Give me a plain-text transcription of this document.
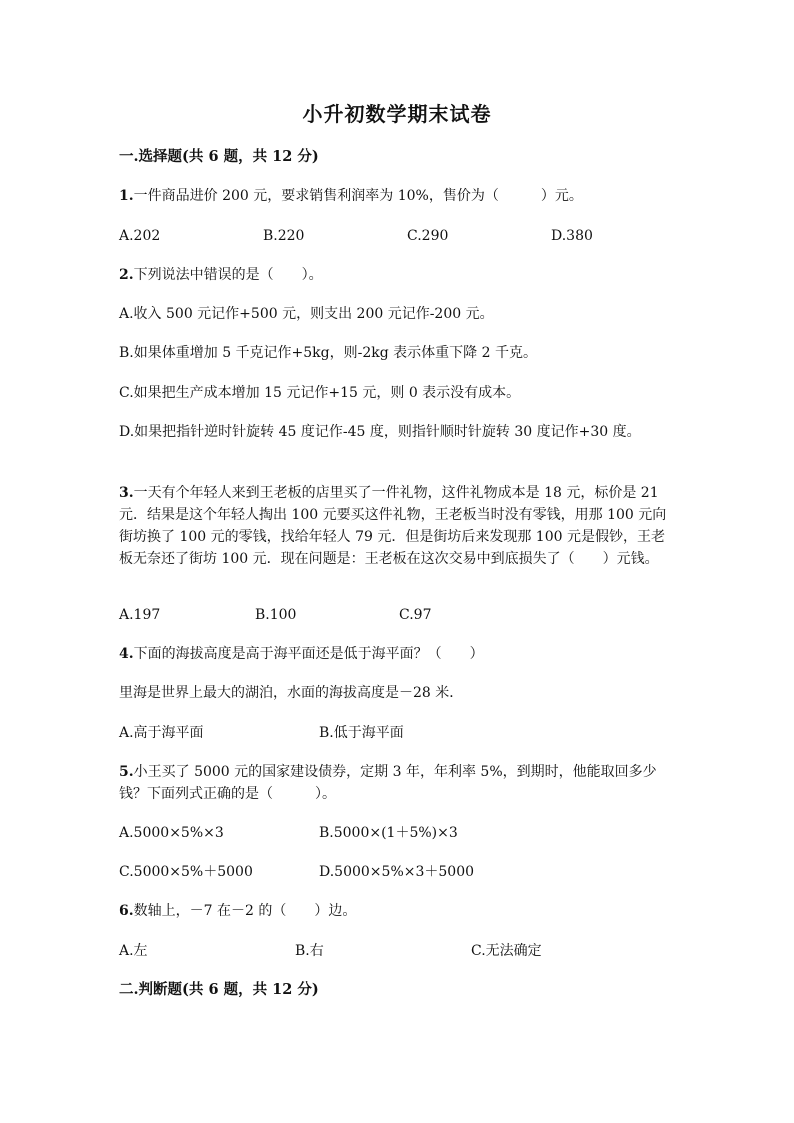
小升初数学期末试卷
一.选择题(共 6 题，共 12 分)
1.一件商品进价 200 元，要求销售利润率为 10%，售价为（　　　）元。
A.202	B.220	C.290	D.380
2.下列说法中错误的是（　　）。
A.收入 500 元记作+500 元，则支出 200 元记作-200 元。
B.如果体重增加 5 千克记作+5kg，则-2kg 表示体重下降 2 千克。
C.如果把生产成本增加 15 元记作+15 元，则 0 表示没有成本。
D.如果把指针逆时针旋转 45 度记作-45 度，则指针顺时针旋转 30 度记作+30 度。
3.一天有个年轻人来到王老板的店里买了一件礼物，这件礼物成本是 18 元，标价是 21 元．结果是这个年轻人掏出 100 元要买这件礼物，王老板当时没有零钱，用那 100 元向街坊换了 100 元的零钱，找给年轻人 79 元．但是街坊后来发现那 100 元是假钞，王老板无奈还了街坊 100 元．现在问题是：王老板在这次交易中到底损失了（　　）元钱。
A.197	B.100	C.97
4.下面的海拔高度是高于海平面还是低于海平面？（　　）
里海是世界上最大的湖泊，水面的海拔高度是－28 米．
A.高于海平面	B.低于海平面
5.小王买了 5000 元的国家建设债券，定期 3 年，年利率 5%，到期时，他能取回多少钱？下面列式正确的是（　　　）。
A.5000×5%×3	B.5000×(1＋5%)×3
C.5000×5%＋5000	D.5000×5%×3＋5000
6.数轴上，－7 在－2 的（　　）边。
A.左	B.右	C.无法确定
二.判断题(共 6 题，共 12 分)
